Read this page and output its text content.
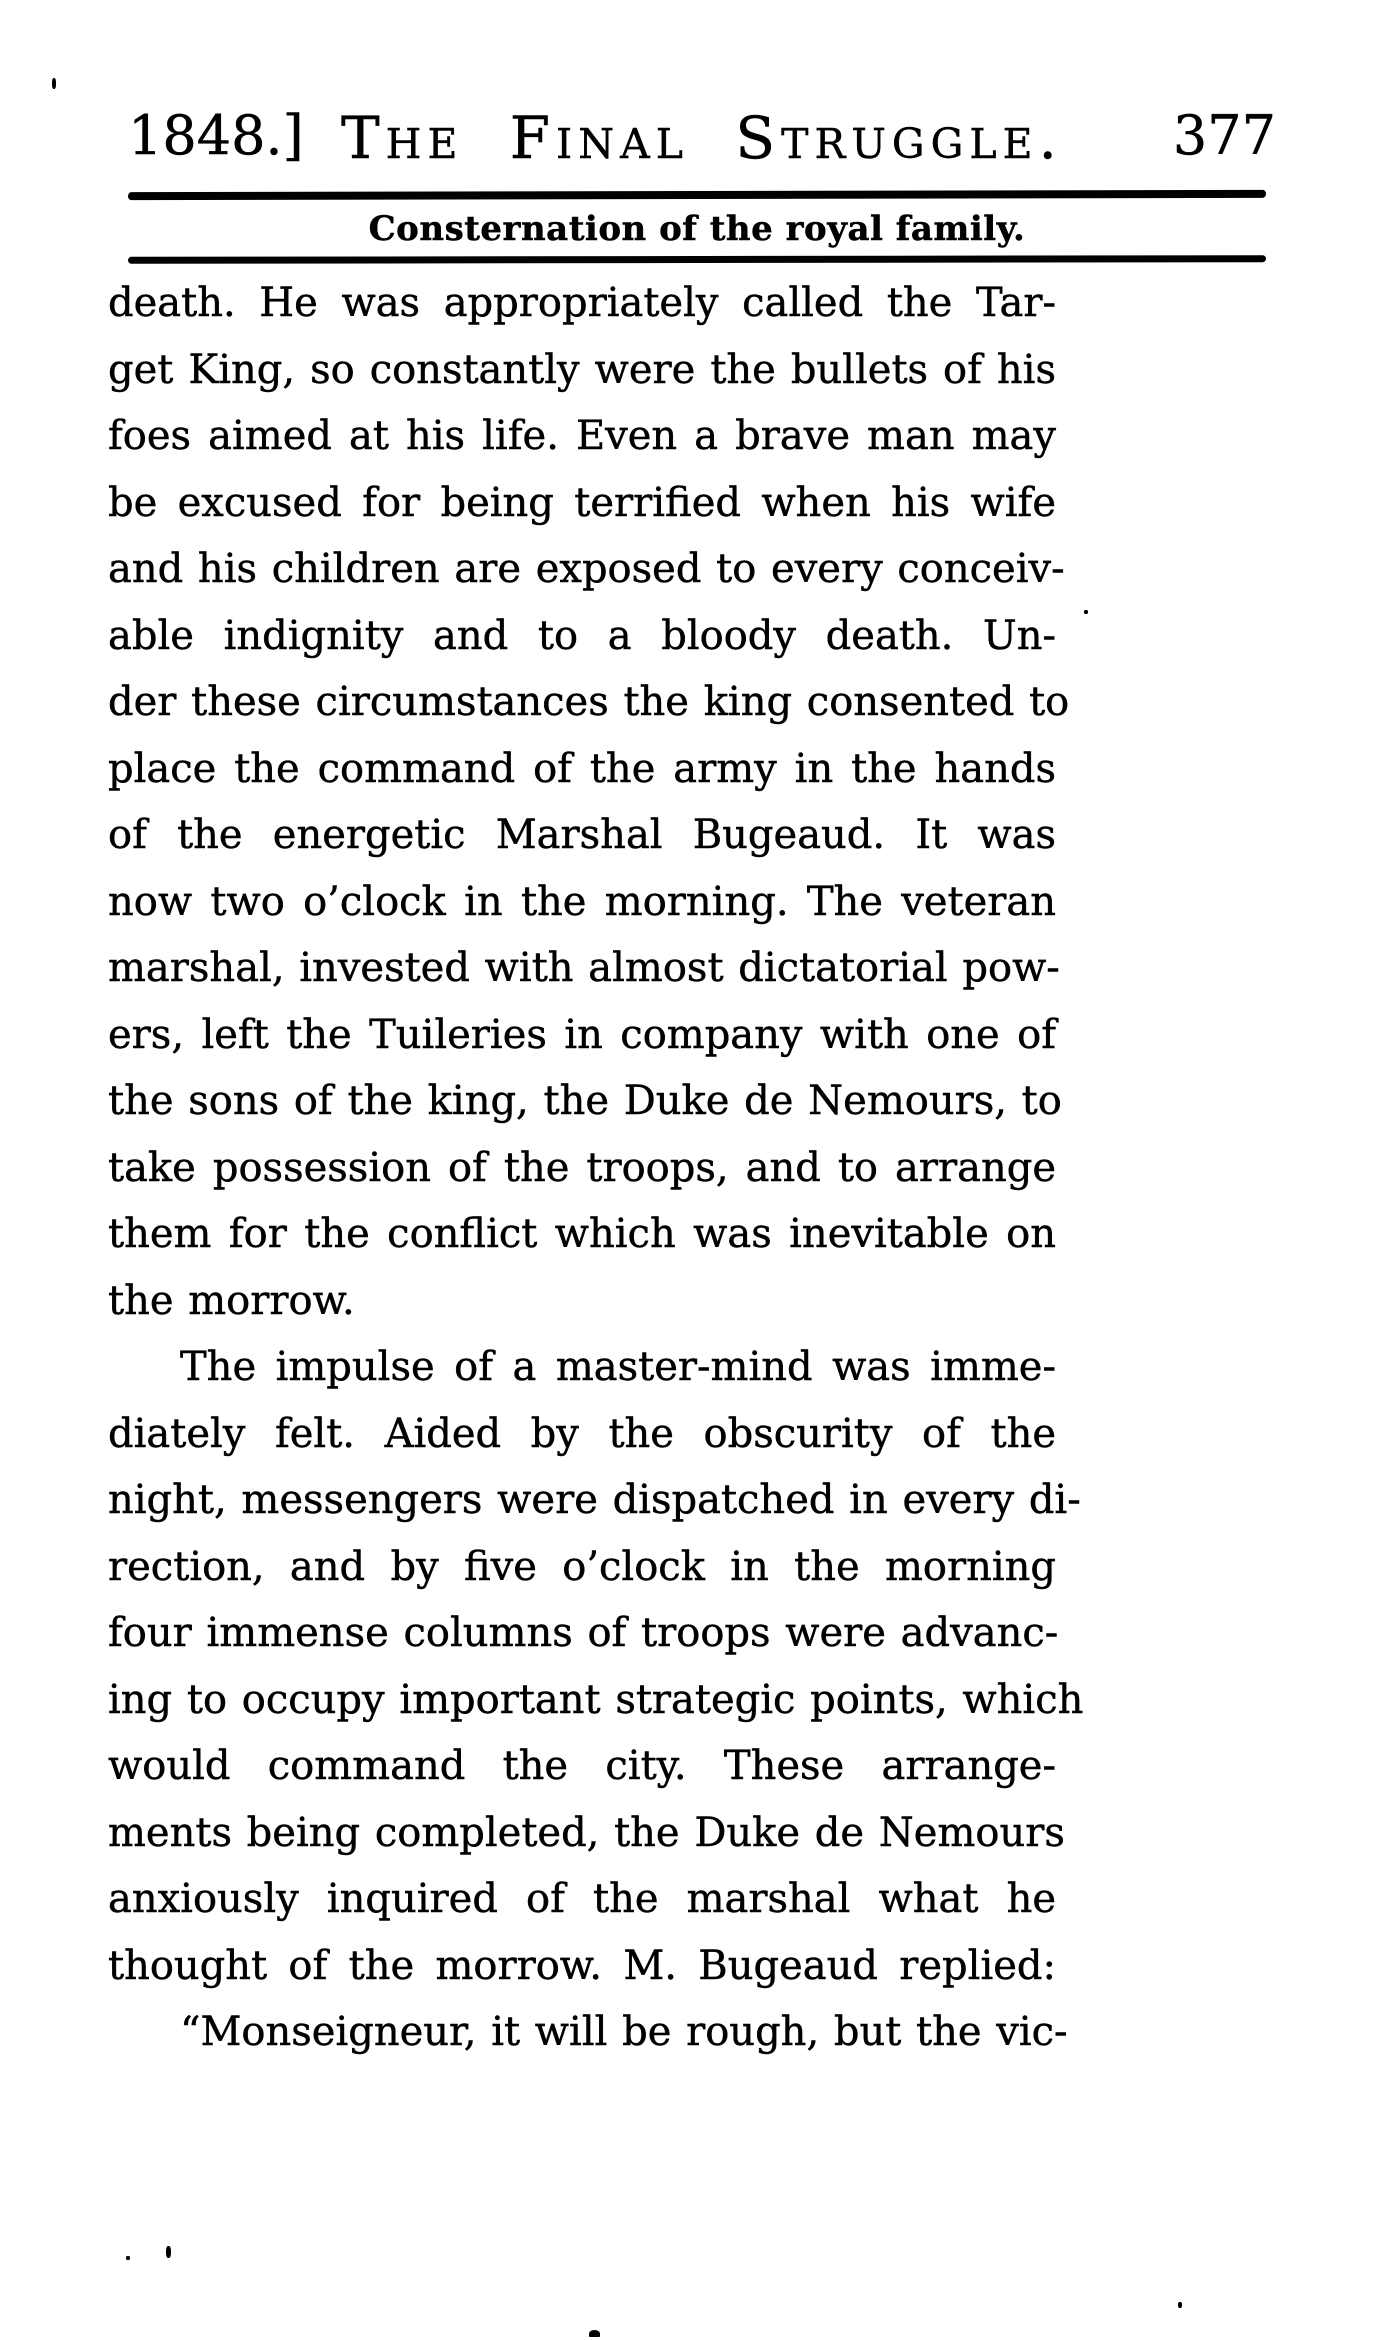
1848.] The Final Struggle.	377
Consternation of the royal family.
death. He was appropriately called the Tar-
get King, so constantly were the bullets of his
foes aimed at his life. Even a brave man may
be excused for being terrified when his wife
and his children are exposed to every conceiv-
able indignity and to a bloody death. Un-
der these circumstances the king consented to
place the command of the army in the hands
of the energetic Marshal Bugeaud. It was
now two o’clock in the morning. The veteran
marshal, invested with almost dictatorial pow-
ers, left the Tuileries in company with one of
the sons of the king, the Duke de Nemours, to
take possession of the troops, and to arrange
them for the conflict which was inevitable on
the morrow.
The impulse of a master-mind was imme-
diately felt. Aided by the obscurity of the
night, messengers were dispatched in every di-
rection, and by five o’clock in the morning
four immense columns of troops were advanc-
ing to occupy important strategic points, which
would command the city. These arrange-
ments being completed, the Duke de Nemours
anxiously inquired of the marshal what he
thought of the morrow. M. Bugeaud replied:
“Monseigneur, it will be rough, but the vic-
